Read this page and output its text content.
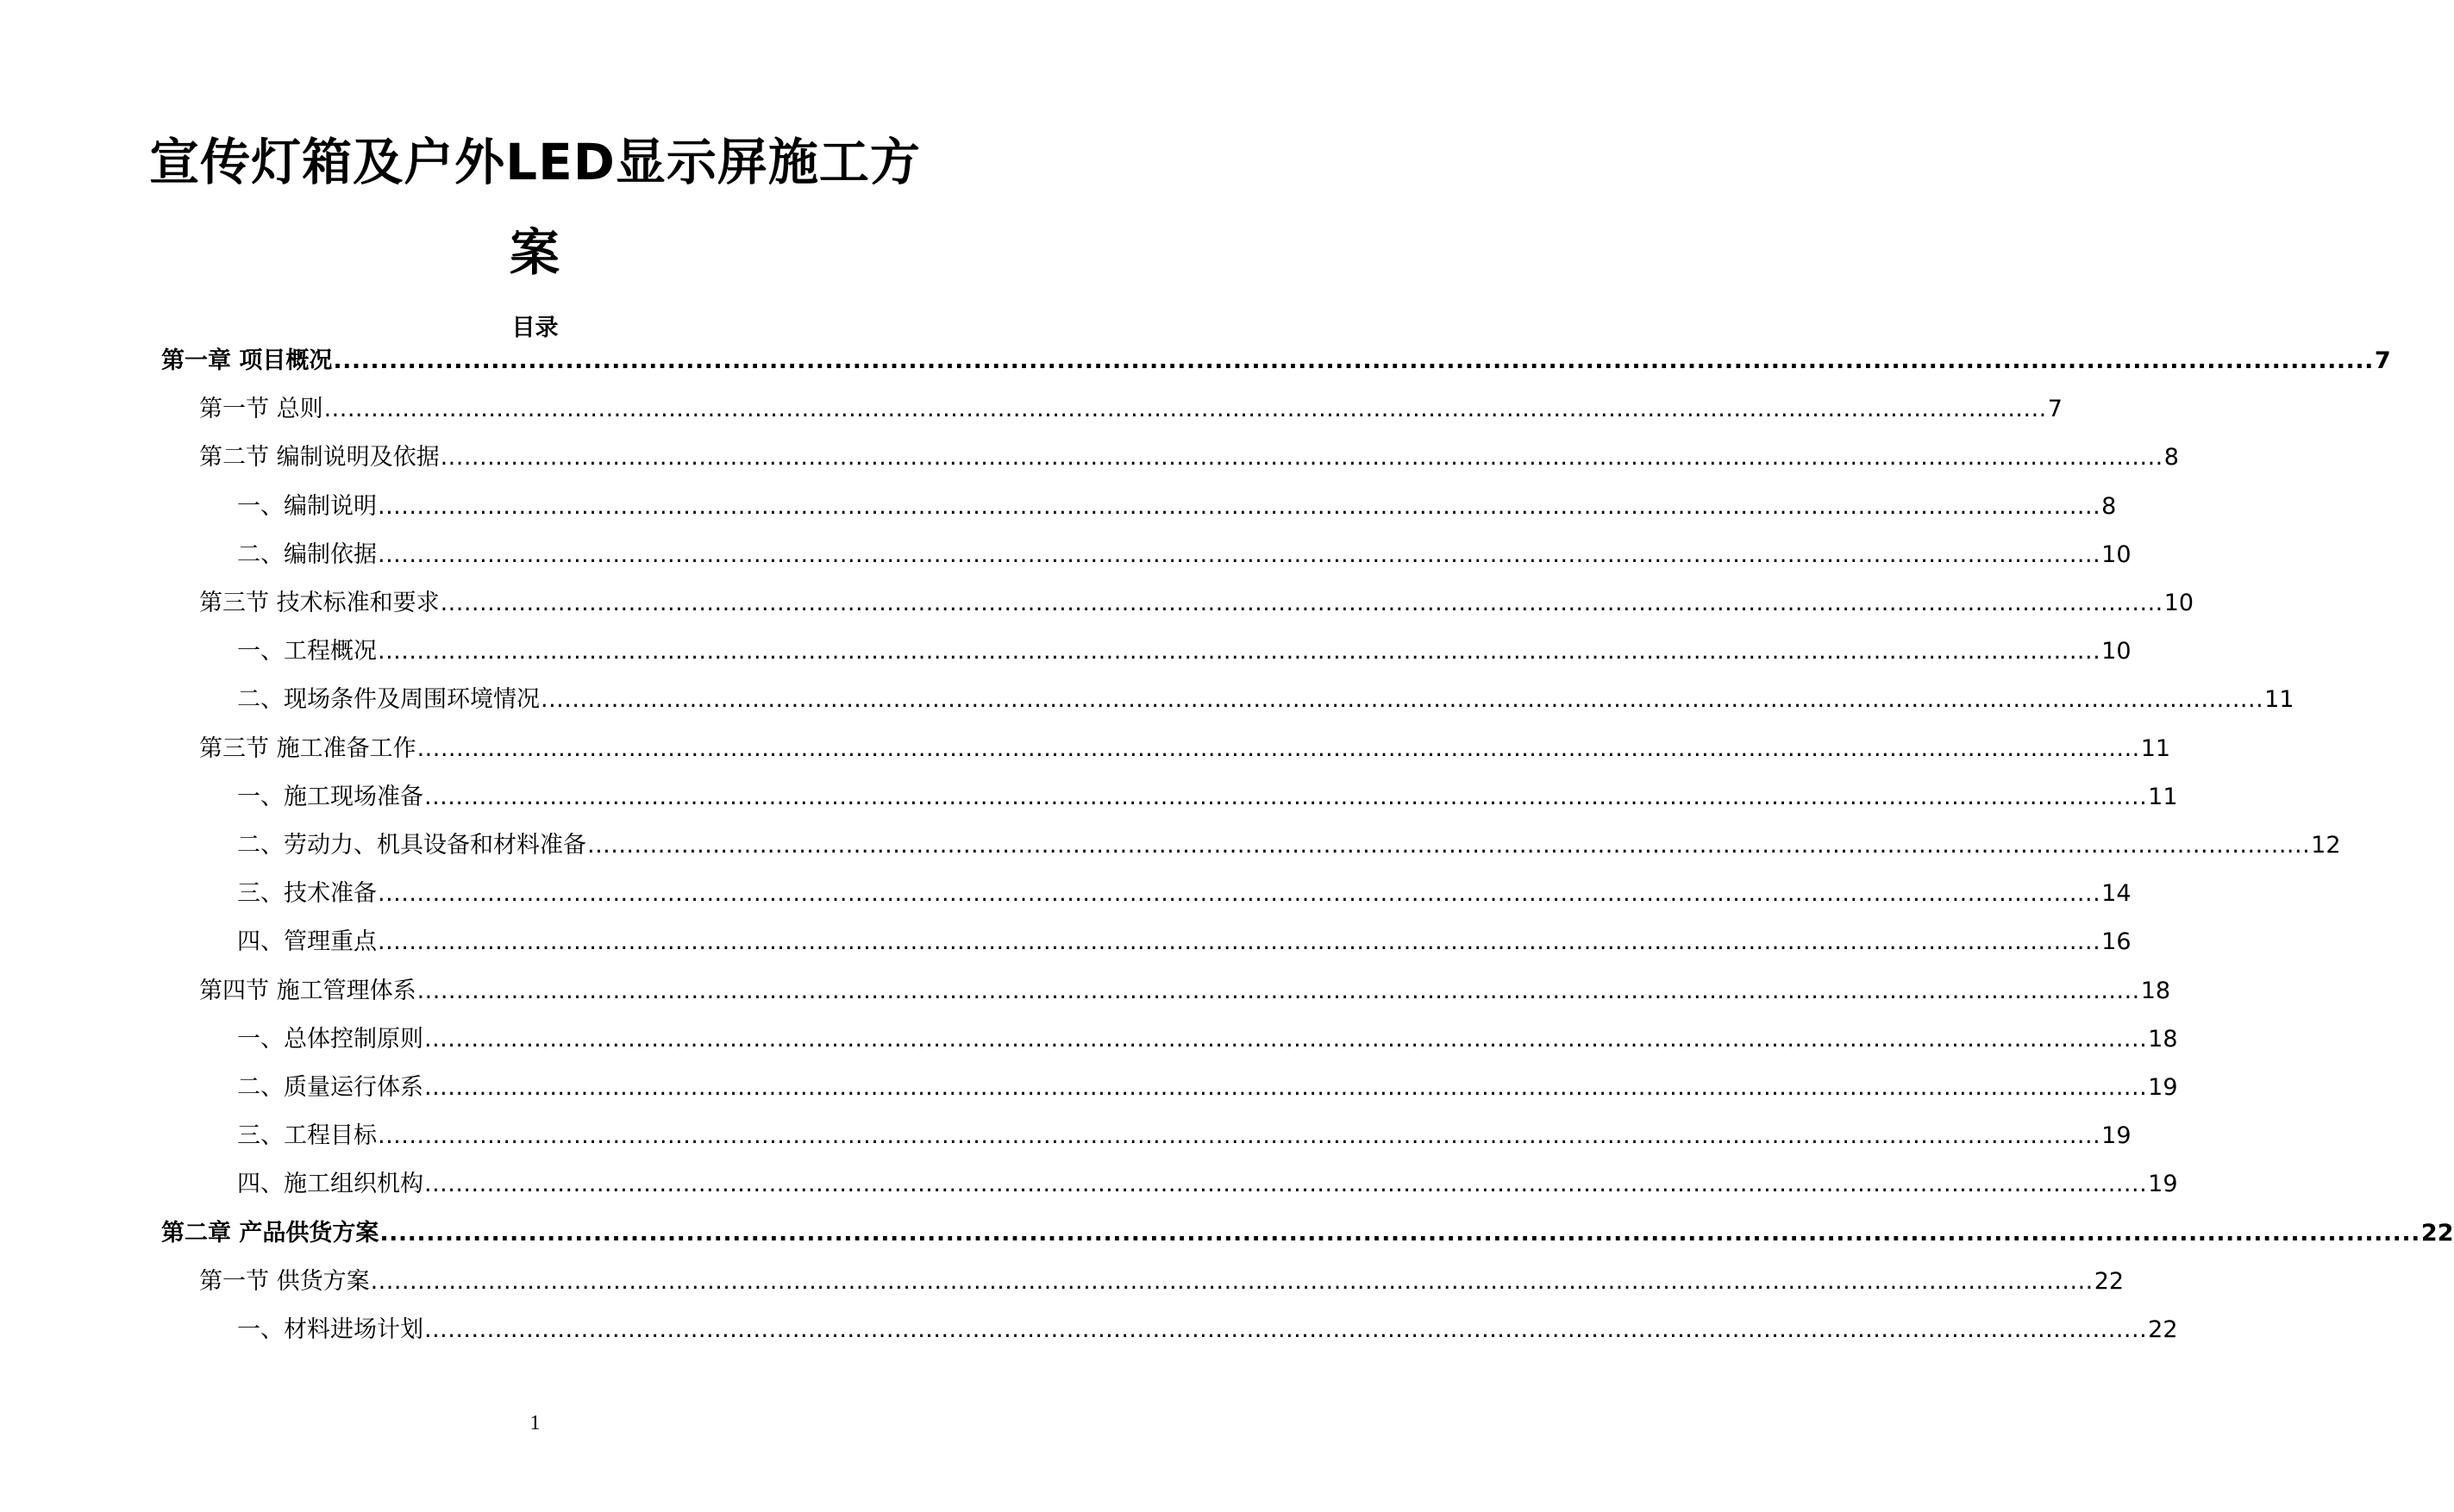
宣传灯箱及户外LED显示屏施工方
案
目录
第一章 项目概况 ............................................................................................................................................................................................................................ 7
第一节 总则 ............................................................................................................................................................................................................................ 7
第二节 编制说明及依据 ............................................................................................................................................................................................................................ 8
一、编制说明 ............................................................................................................................................................................................................................ 8
二、编制依据 ............................................................................................................................................................................................................................ 10
第三节 技术标准和要求 ............................................................................................................................................................................................................................ 10
一、工程概况 ............................................................................................................................................................................................................................ 10
二、现场条件及周围环境情况 ............................................................................................................................................................................................................................ 11
第三节 施工准备工作 ............................................................................................................................................................................................................................ 11
一、施工现场准备 ............................................................................................................................................................................................................................ 11
二、劳动力、机具设备和材料准备 ............................................................................................................................................................................................................................ 12
三、技术准备 ............................................................................................................................................................................................................................ 14
四、管理重点 ............................................................................................................................................................................................................................ 16
第四节 施工管理体系 ............................................................................................................................................................................................................................ 18
一、总体控制原则 ............................................................................................................................................................................................................................ 18
二、质量运行体系 ............................................................................................................................................................................................................................ 19
三、工程目标 ............................................................................................................................................................................................................................ 19
四、施工组织机构 ............................................................................................................................................................................................................................ 19
第二章 产品供货方案 ............................................................................................................................................................................................................................ 22
第一节 供货方案 ............................................................................................................................................................................................................................ 22
一、材料进场计划 ............................................................................................................................................................................................................................ 22
1
